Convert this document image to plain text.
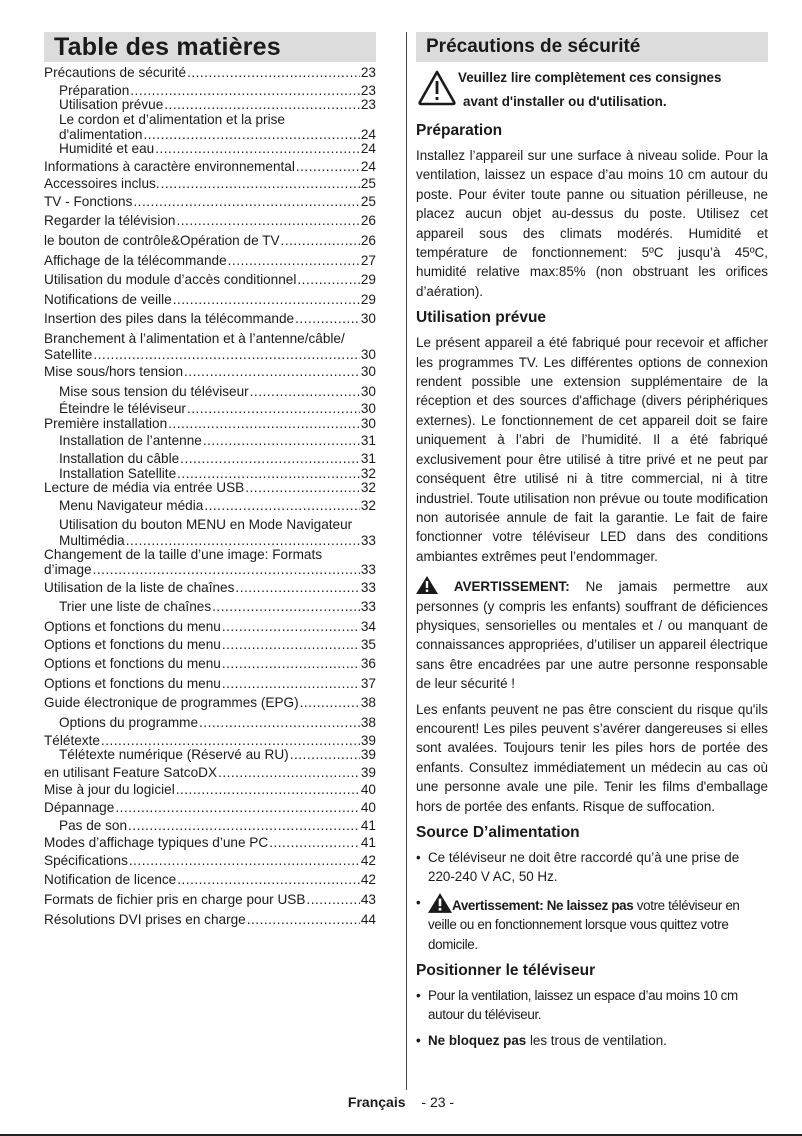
Table des matières
Précautions de sécurité .....	23
Préparation .....	23
Utilisation prévue .....	23
Le cordon et d’alimentation et la prise
d'alimentation .....	24
Humidité et eau .....	24
Informations à caractère environnemental .....	24
Accessoires inclus. .....	25
TV - Fonctions .....	25
Regarder la télévision .....	26
le bouton de contrôle&Opération de TV .....	26
Affichage de la télécommande .....	27
Utilisation du module d’accès conditionnel .....	29
Notifications de veille .....	29
Insertion des piles dans la télécommande .....	30
Branchement à l’alimentation et à l’antenne/câble/
Satellite .....	30
Mise sous/hors tension .....	30
Mise sous tension du téléviseur .....	30
Éteindre le téléviseur .....	30
Première installation .....	30
Installation de l’antenne .....	31
Installation du câble .....	31
Installation Satellite .....	32
Lecture de média via entrée USB .....	32
Menu Navigateur média .....	32
Utilisation du bouton MENU en Mode Navigateur
Multimédia .....	33
Changement de la taille d’une image: Formats
d’image .....	33
Utilisation de la liste de chaînes .....	33
Trier une liste de chaînes .....	33
Options et fonctions du menu .....	34
Options et fonctions du menu .....	35
Options et fonctions du menu .....	36
Options et fonctions du menu .....	37
Guide électronique de programmes (EPG) .....	38
Options du programme .....	38
Télétexte .....	39
Télétexte numérique (Réservé au RU) .....	39
en utilisant Feature SatcoDX .....	39
Mise à jour du logiciel .....	40
Dépannage .....	40
Pas de son .....	41
Modes d’affichage typiques d’une PC .....	41
Spécifications .....	42
Notification de licence .....	42
Formats de fichier pris en charge pour USB .....	43
Résolutions DVI prises en charge .....	44
Précautions de sécurité
Veuillez lire complètement ces consignes
avant d'installer ou d'utilisation.
Préparation

Installez l’appareil sur une surface à niveau solide. Pour la ventilation, laissez un espace d’au moins 10 cm autour du poste. Pour éviter toute panne ou situation périlleuse, ne placez aucun objet au-dessus du poste. Utilisez cet appareil sous des climats modérés. Humidité et température de fonctionnement: 5ºC jusqu’à 45ºC, humidité relative max:85% (non obstruant les orifices d’aération).

Utilisation prévue

Le présent appareil a été fabriqué pour recevoir et afficher les programmes TV. Les différentes options de connexion rendent possible une extension supplémentaire de la réception et des sources d'affichage (divers périphériques externes). Le fonctionnement de cet appareil doit se faire uniquement à l’abri de l’humidité. Il a été fabriqué exclusivement pour être utilisé à titre privé et ne peut par conséquent être utilisé ni à titre commercial, ni à titre industriel. Toute utilisation non prévue ou toute modification non autorisée annule de fait la garantie. Le fait de faire fonctionner votre téléviseur LED dans des conditions ambiantes extrêmes peut l’endommager.

AVERTISSEMENT: Ne jamais permettre aux personnes (y compris les enfants) souffrant de déficiences physiques, sensorielles ou mentales et / ou manquant de connaissances appropriées, d’utiliser un appareil électrique sans être encadrées par une autre personne responsable de leur sécurité !

Les enfants peuvent ne pas être conscient du risque qu'ils encourent! Les piles peuvent s’avérer dangereuses si elles sont avalées. Toujours tenir les piles hors de portée des enfants. Consultez immédiatement un médecin au cas où une personne avale une pile. Tenir les films d'emballage hors de portée des enfants. Risque de suffocation.

Source D’alimentation
• Ce téléviseur ne doit être raccordé qu’à une prise de 220-240 V AC, 50 Hz.
•	Avertissement: Ne laissez pas votre téléviseur en veille ou en fonctionnement lorsque vous quittez votre domicile.
Positionner le téléviseur
• Pour la ventilation, laissez un espace d’au moins 10 cm autour du téléviseur.
• Ne bloquez pas les trous de ventilation.
Français - 23 -
